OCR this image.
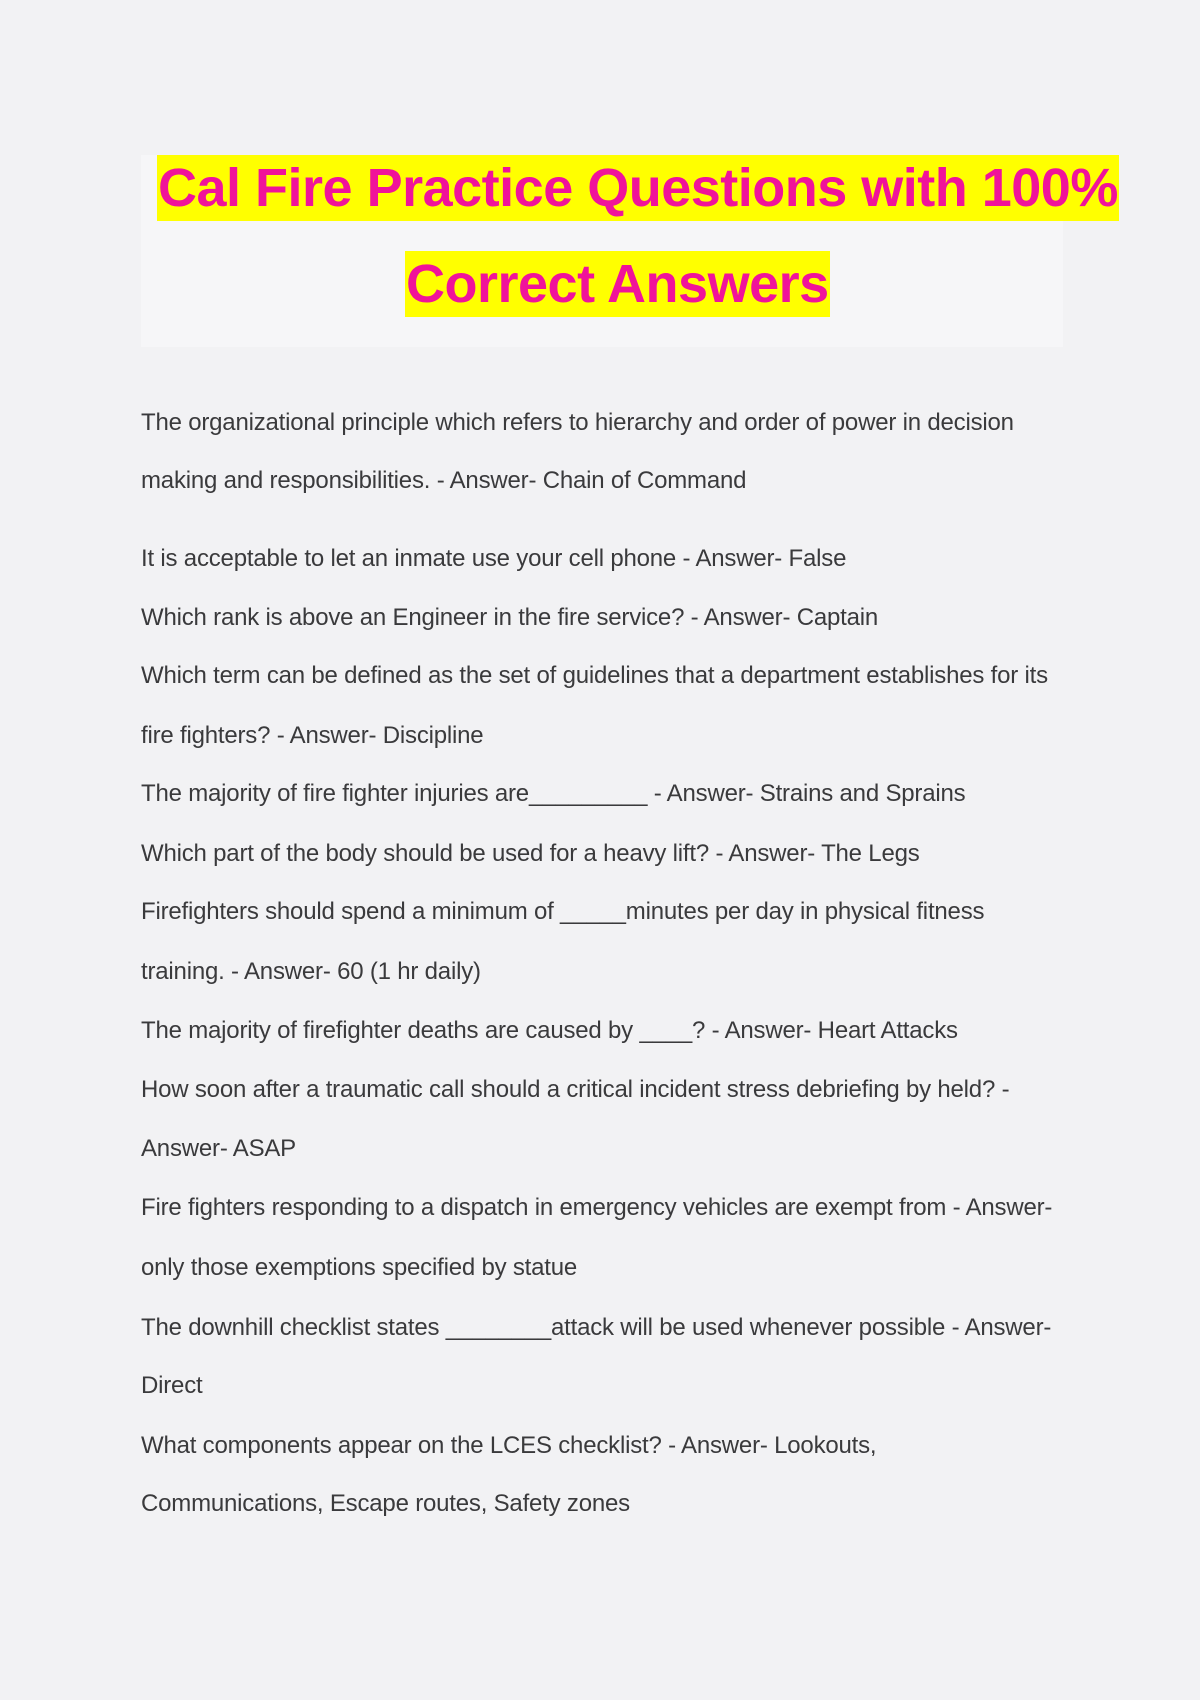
Cal Fire Practice Questions with 100%
Correct Answers
The organizational principle which refers to hierarchy and order of power in decision
making and responsibilities. - Answer- Chain of Command
It is acceptable to let an inmate use your cell phone - Answer- False
Which rank is above an Engineer in the fire service? - Answer- Captain
Which term can be defined as the set of guidelines that a department establishes for its
fire fighters? - Answer- Discipline
The majority of fire fighter injuries are_________ - Answer- Strains and Sprains
Which part of the body should be used for a heavy lift? - Answer- The Legs
Firefighters should spend a minimum of _____minutes per day in physical fitness
training. - Answer- 60 (1 hr daily)
The majority of firefighter deaths are caused by ____? - Answer- Heart Attacks
How soon after a traumatic call should a critical incident stress debriefing by held? -
Answer- ASAP
Fire fighters responding to a dispatch in emergency vehicles are exempt from - Answer-
only those exemptions specified by statue
The downhill checklist states ________attack will be used whenever possible - Answer-
Direct
What components appear on the LCES checklist? - Answer- Lookouts,
Communications, Escape routes, Safety zones
